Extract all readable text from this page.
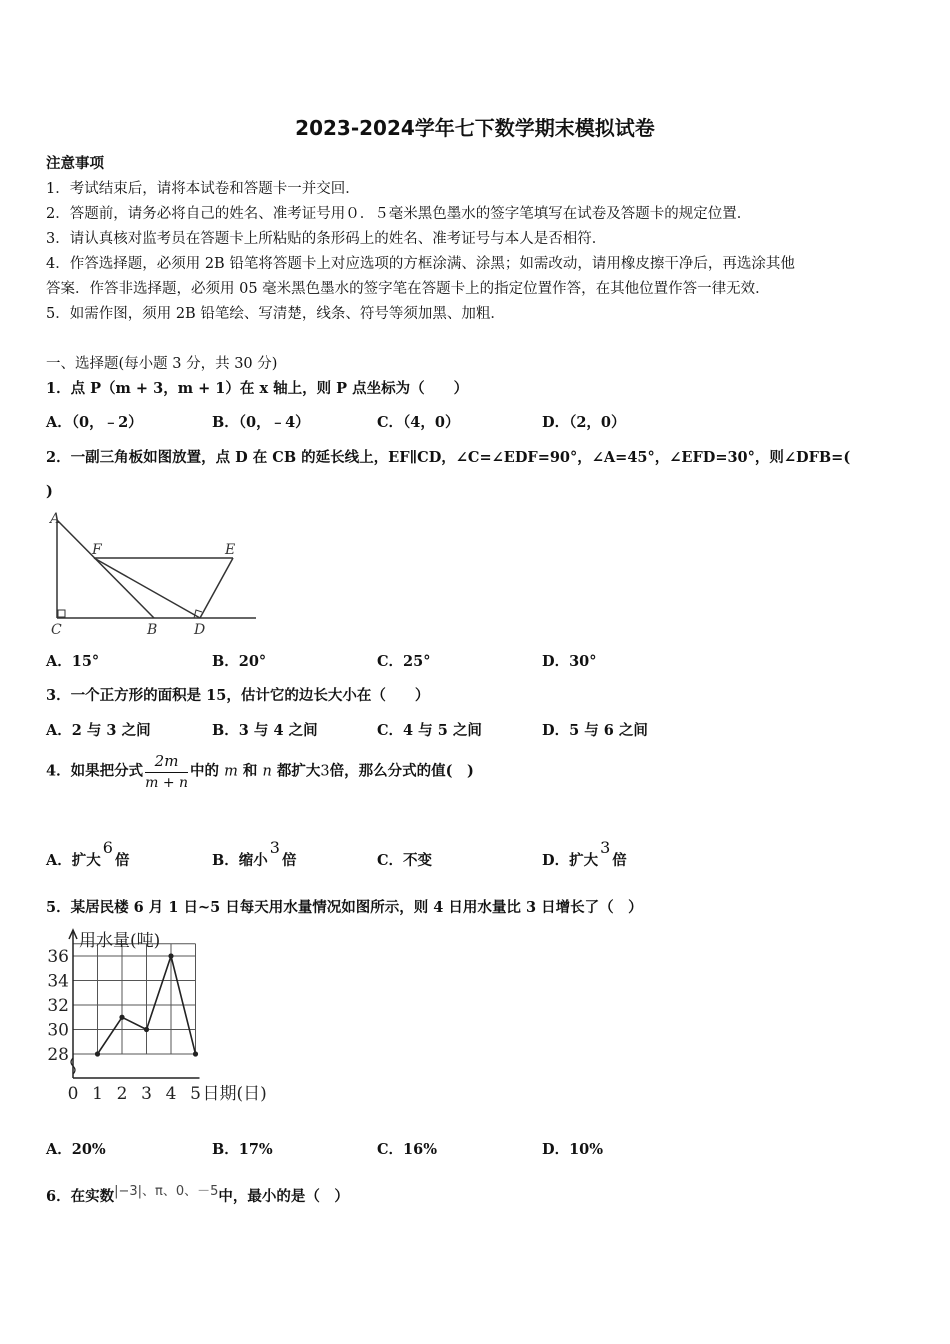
2023-2024学年七下数学期末模拟试卷
注意事项
1．考试结束后，请将本试卷和答题卡一并交回．
2．答题前，请务必将自己的姓名、准考证号用０．５毫米黑色墨水的签字笔填写在试卷及答题卡的规定位置．
3．请认真核对监考员在答题卡上所粘贴的条形码上的姓名、准考证号与本人是否相符．
4．作答选择题，必须用 2B 铅笔将答题卡上对应选项的方框涂满、涂黑；如需改动，请用橡皮擦干净后，再选涂其他
答案．作答非选择题，必须用 05 毫米黑色墨水的签字笔在答题卡上的指定位置作答，在其他位置作答一律无效．
5．如需作图，须用 2B 铅笔绘、写清楚，线条、符号等须加黑、加粗．
一、选择题(每小题 3 分，共 30 分)
1．点 P（m + 3，m + 1）在 x 轴上，则 P 点坐标为（　　）
A．（0，﹣2）	B．（0，﹣4）	C．（4，0）	D．（2，0）
2．一副三角板如图放置，点 D 在 CB 的延长线上，EF∥CD，∠C=∠EDF=90°，∠A=45°，∠EFD=30°，则∠DFB=(
)
A
F	E
C	B	D
A．15°	B．20°	C．25°	D．30°
3．一个正方形的面积是 15，估计它的边长大小在（　　）
A．2 与 3 之间	B．3 与 4 之间	C．4 与 5 之间	D．5 与 6 之间
4．如果把分式 $\frac{2m}{m + n}$ 中的 m 和 n 都扩大3倍，那么分式的值(　)
A．扩大6倍	B．缩小3倍	C．不变	D．扩大3倍
5．某居民楼 6 月 1 日~5 日每天用水量情况如图所示，则 4 日用水量比 3 日增长了（　）
28
30
32
34
36
0 1 2 3 4 5
用水量(吨)
日期(日)
A．20%	B．17%	C．16%	D．10%
6．在实数|−3|、π、0、－5中，最小的是（　）
